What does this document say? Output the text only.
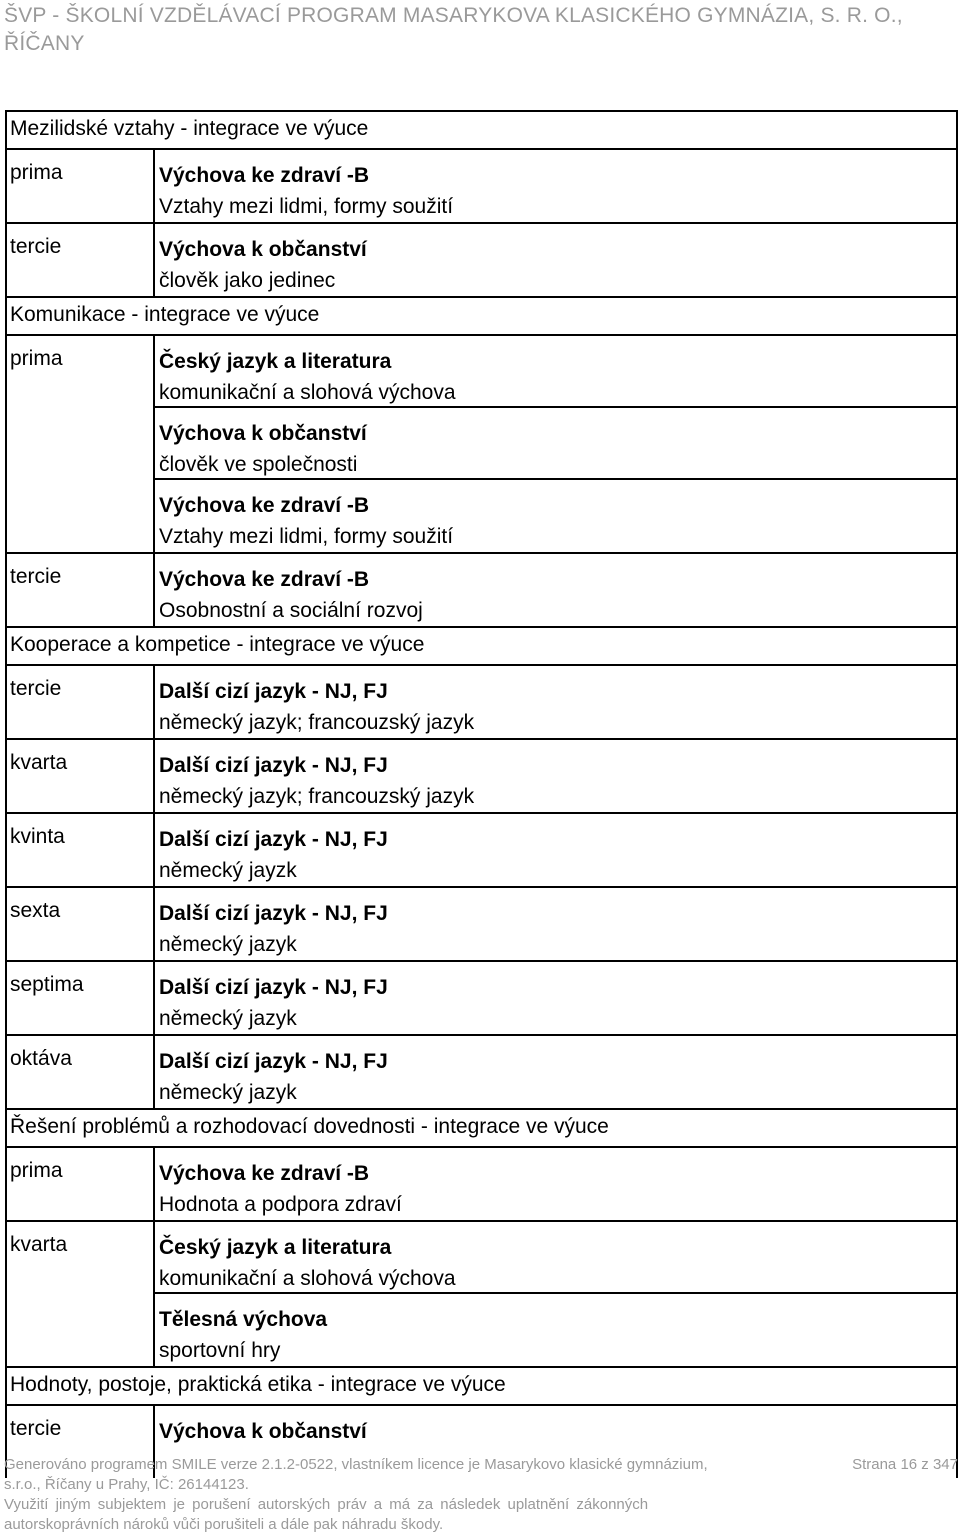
ŠVP - ŠKOLNÍ VZDĚLÁVACÍ PROGRAM MASARYKOVA KLASICKÉHO GYMNÁZIA, S. R. O., ŘÍČANY
Mezilidské vztahy - integrace ve výuce
prima	Výchova ke zdraví -B
Vztahy mezi lidmi, formy soužití
tercie	Výchova k občanství
člověk jako jedinec
Komunikace - integrace ve výuce
prima	Český jazyk a literatura
komunikační a slohová výchova
Výchova k občanství
člověk ve společnosti
Výchova ke zdraví -B
Vztahy mezi lidmi, formy soužití
tercie	Výchova ke zdraví -B
Osobnostní a sociální rozvoj
Kooperace a kompetice - integrace ve výuce
tercie	Další cizí jazyk - NJ, FJ
německý jazyk; francouzský jazyk
kvarta	Další cizí jazyk - NJ, FJ
německý jazyk; francouzský jazyk
kvinta	Další cizí jazyk - NJ, FJ
německý jayzk
sexta	Další cizí jazyk - NJ, FJ
německý jazyk
septima	Další cizí jazyk - NJ, FJ
německý jazyk
oktáva	Další cizí jazyk - NJ, FJ
německý jazyk
Řešení problémů a rozhodovací dovednosti - integrace ve výuce
prima	Výchova ke zdraví -B
Hodnota a podpora zdraví
kvarta	Český jazyk a literatura
komunikační a slohová výchova
Tělesná výchova
sportovní hry
Hodnoty, postoje, praktická etika - integrace ve výuce
tercie	Výchova k občanství
Generováno programem SMILE verze 2.1.2-0522, vlastníkem licence je Masarykovo klasické gymnázium,	Strana 16 z 347
s.r.o., Říčany u Prahy, IČ: 26144123.
Využití jiným subjektem je porušení autorských práv a má za následek uplatnění zákonných
autorskoprávních nároků vůči porušiteli a dále pak náhradu škody.
